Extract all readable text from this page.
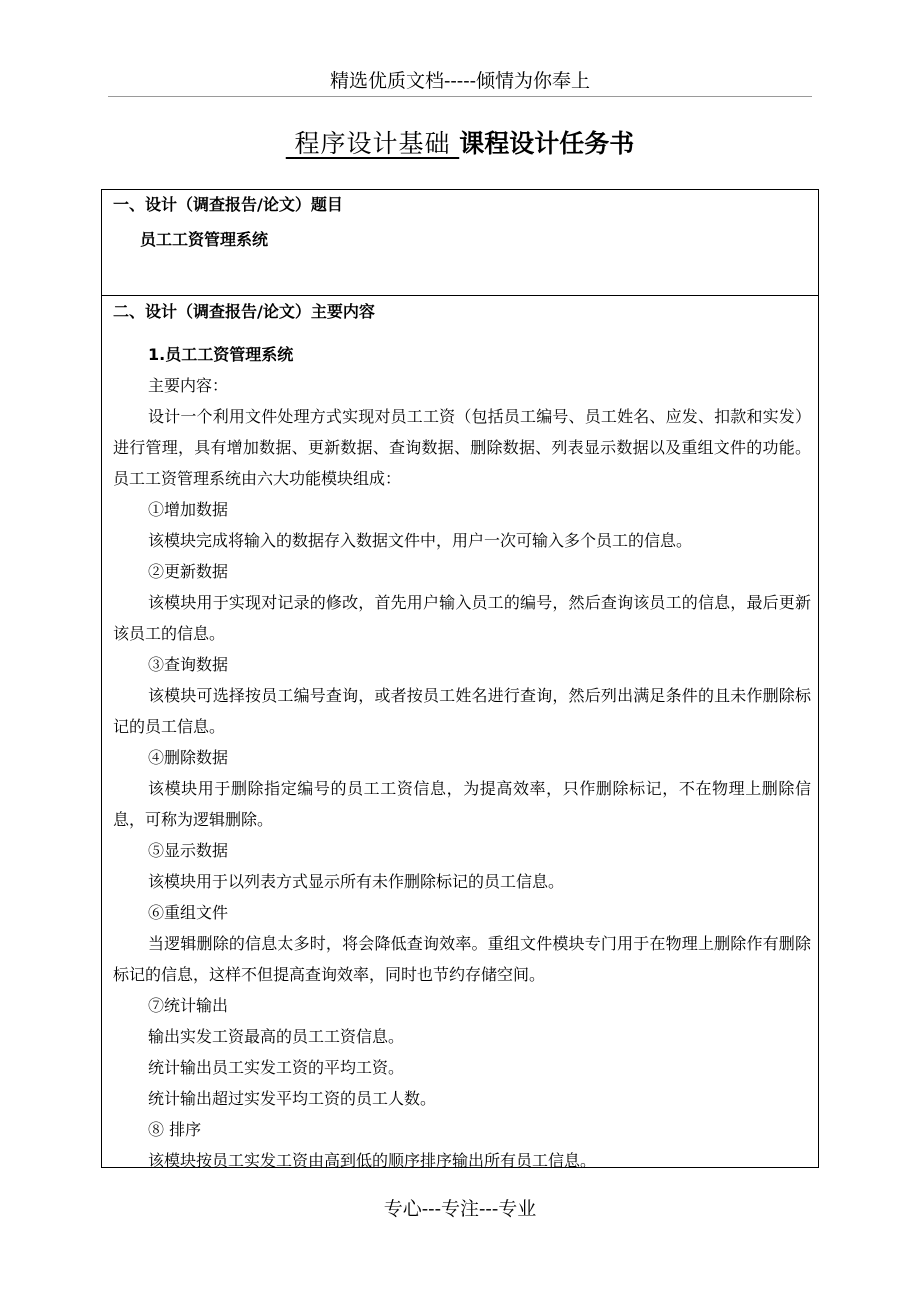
精选优质文档-----倾情为你奉上
程序设计基础 课程设计任务书
一、设计（调查报告/论文）题目
员工工资管理系统
二、设计（调查报告/论文）主要内容

1.员工工资管理系统

主要内容：

设计一个利用文件处理方式实现对员工工资（包括员工编号、员工姓名、应发、扣款和实发）进行管理，具有增加数据、更新数据、查询数据、删除数据、列表显示数据以及重组文件的功能。员工工资管理系统由六大功能模块组成：

①增加数据

该模块完成将输入的数据存入数据文件中，用户一次可输入多个员工的信息。

②更新数据

该模块用于实现对记录的修改，首先用户输入员工的编号，然后查询该员工的信息，最后更新该员工的信息。

③查询数据

该模块可选择按员工编号查询，或者按员工姓名进行查询，然后列出满足条件的且未作删除标记的员工信息。

④删除数据

该模块用于删除指定编号的员工工资信息，为提高效率，只作删除标记，不在物理上删除信息，可称为逻辑删除。

⑤显示数据

该模块用于以列表方式显示所有未作删除标记的员工信息。

⑥重组文件

当逻辑删除的信息太多时，将会降低查询效率。重组文件模块专门用于在物理上删除作有删除标记的信息，这样不但提高查询效率，同时也节约存储空间。

⑦统计输出

输出实发工资最高的员工工资信息。

统计输出员工实发工资的平均工资。

统计输出超过实发平均工资的员工人数。

⑧ 排序

该模块按员工实发工资由高到低的顺序排序输出所有员工信息。

专心---专注---专业
